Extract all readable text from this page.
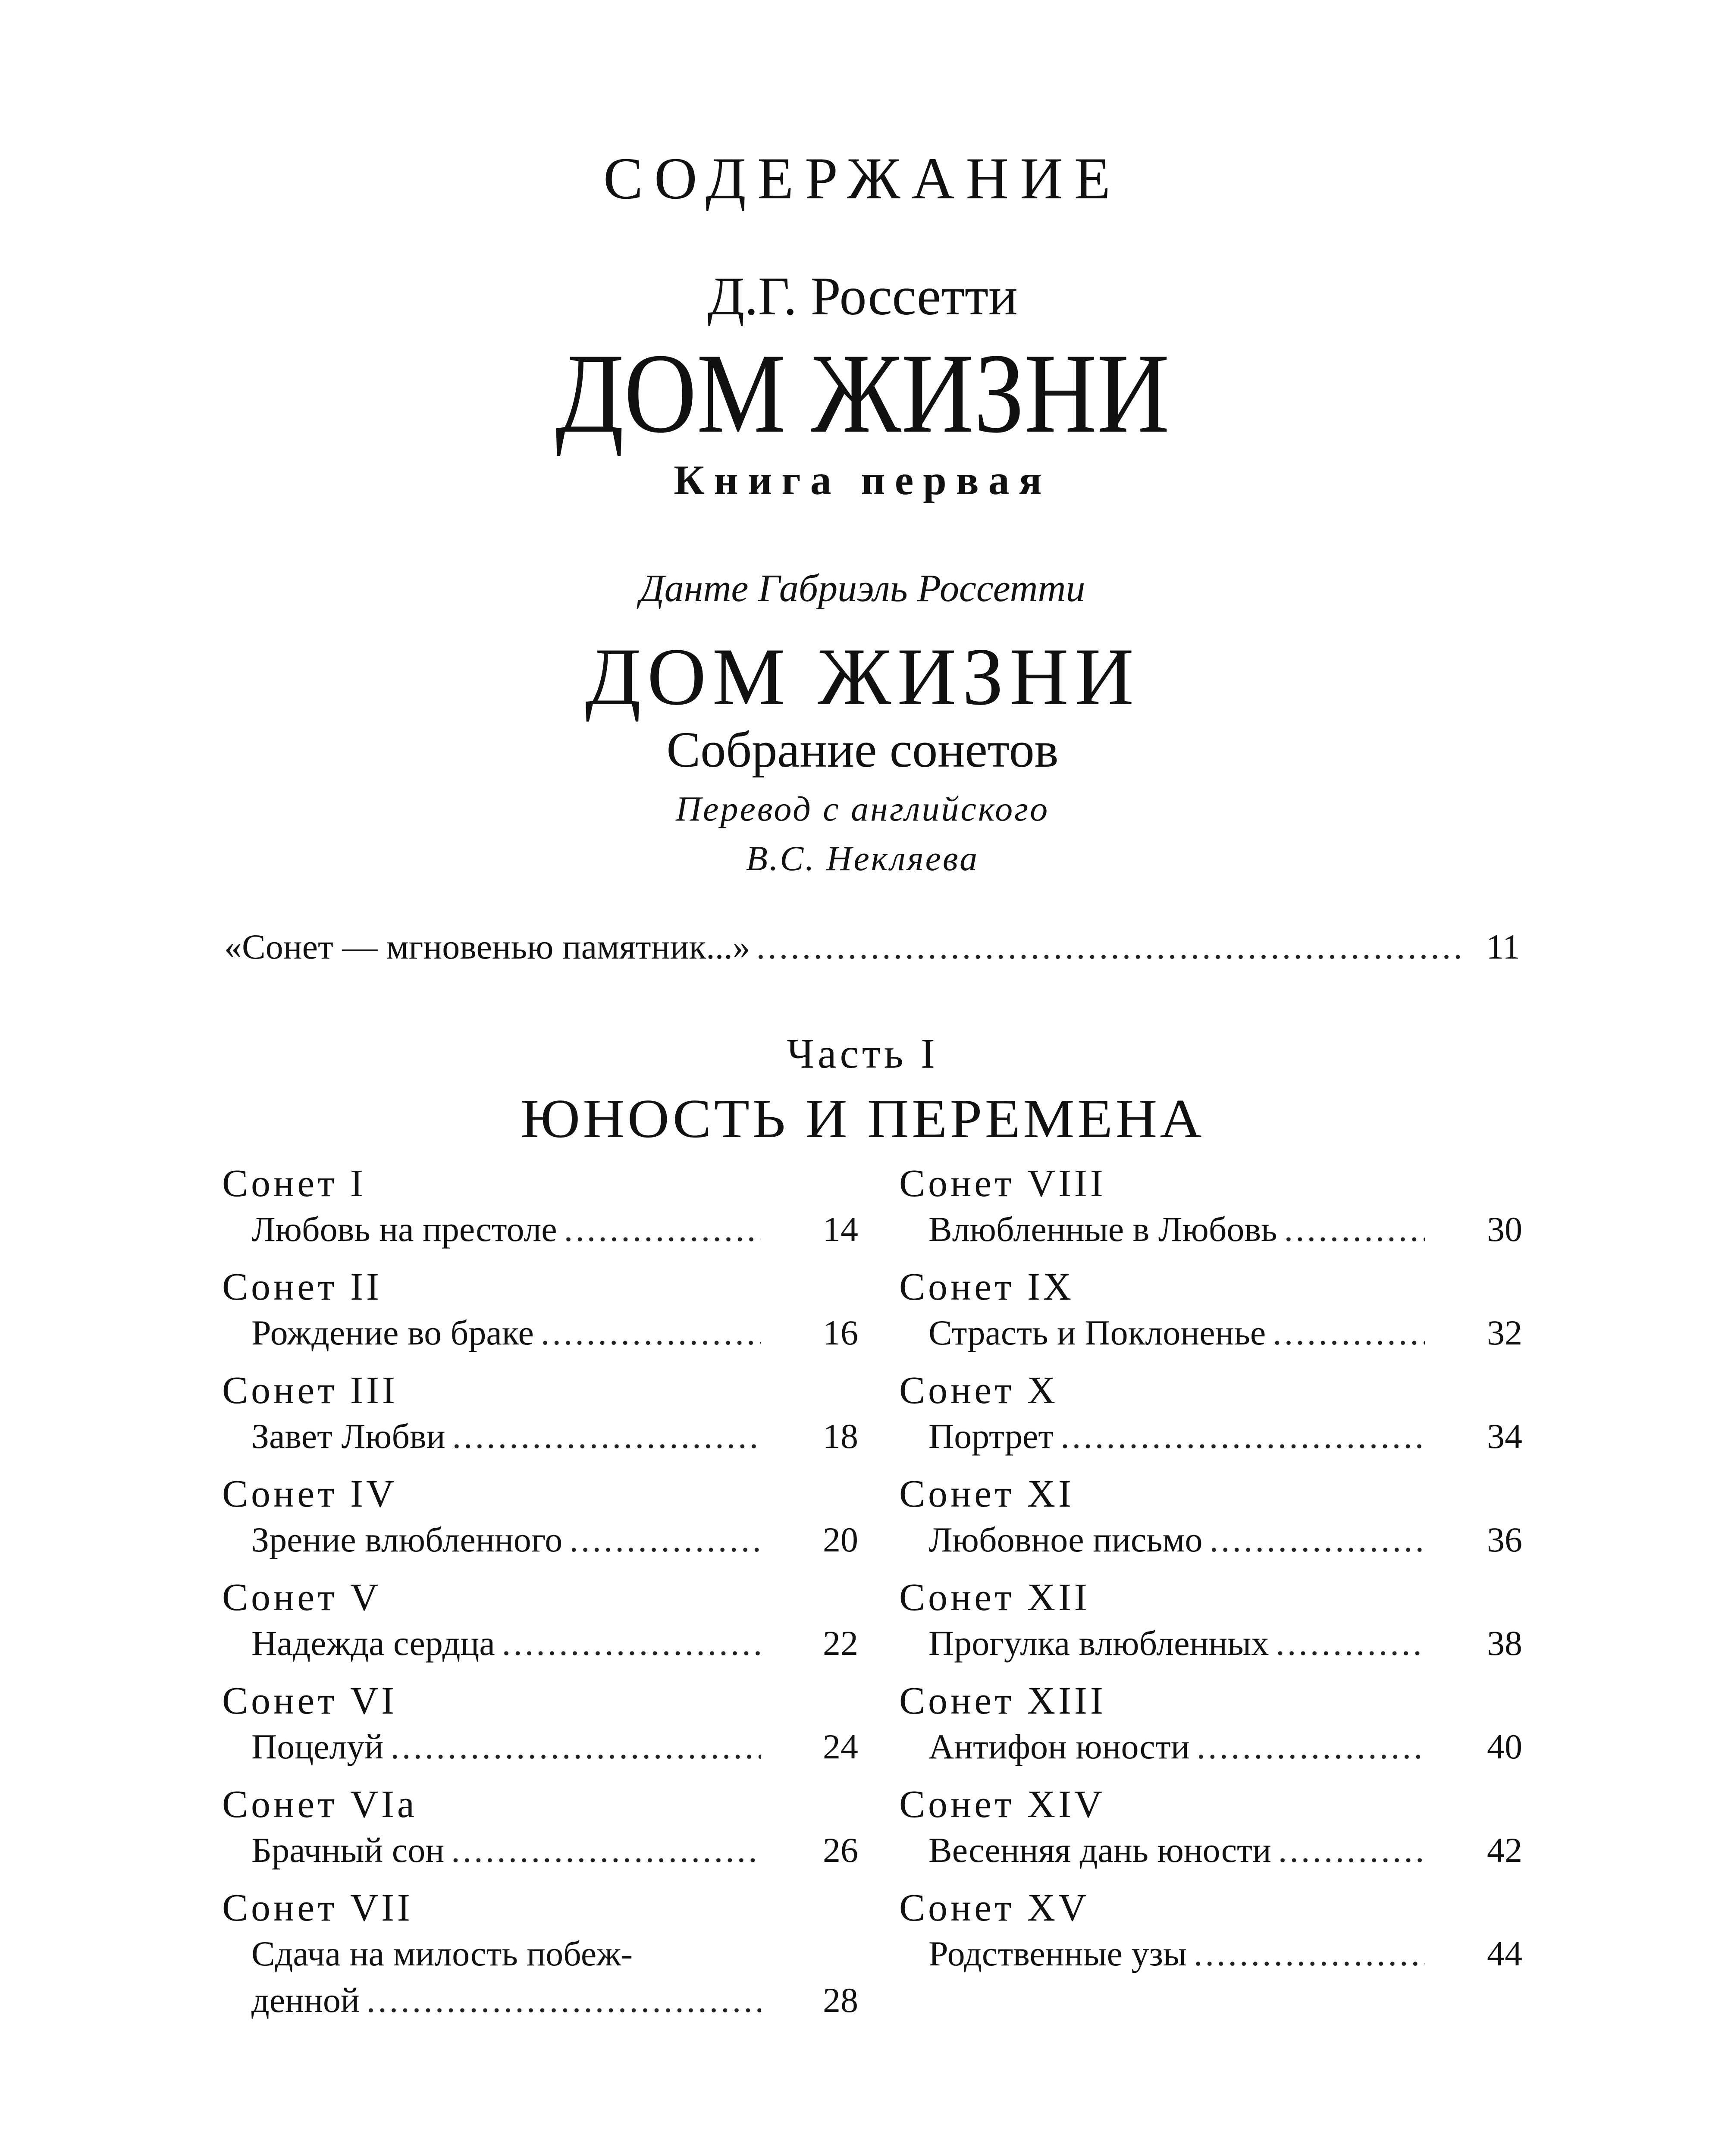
СОДЕРЖАНИЕ
Д.Г. Россетти
ДОМ ЖИЗНИ
Книга первая
Данте Габриэль Россетти
ДОМ ЖИЗНИ
Собрание сонетов
Перевод с английского
В.С. Некляева
«Сонет — мгновенью памятник...» .....	11
Часть I
ЮНОСТЬ И ПЕРЕМЕНА
Сонет I
Любовь на престоле .....	14
Сонет II
Рождение во браке .....	16
Сонет III
Завет Любви .....	18
Сонет IV
Зрение влюбленного .....	20
Сонет V
Надежда сердца .....	22
Сонет VI
Поцелуй .....	24
Сонет VIa
Брачный сон .....	26
Сонет VII
Сдача на милость побеж-
денной .....	28
Сонет VIII
Влюбленные в Любовь .....	30
Сонет IX
Страсть и Поклоненье .....	32
Сонет X
Портрет .....	34
Сонет XI
Любовное письмо .....	36
Сонет XII
Прогулка влюбленных .....	38
Сонет XIII
Антифон юности .....	40
Сонет XIV
Весенняя дань юности .....	42
Сонет XV
Родственные узы .....	44
